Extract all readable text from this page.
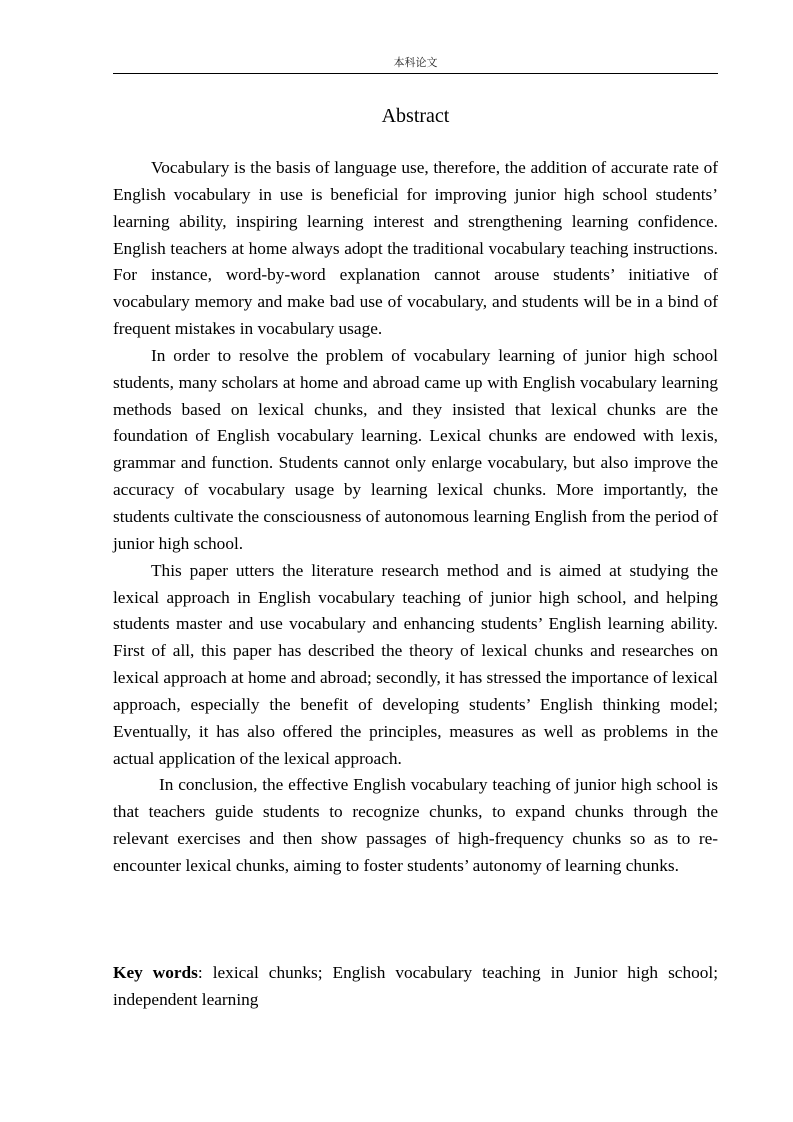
本科论文
Abstract

Vocabulary is the basis of language use, therefore, the addition of accurate rate of English vocabulary in use is beneficial for improving junior high school students’ learning ability, inspiring learning interest and strengthening learning confidence. English teachers at home always adopt the traditional vocabulary teaching instructions. For instance, word-by-word explanation cannot arouse students’ initiative of vocabulary memory and make bad use of vocabulary, and students will be in a bind of frequent mistakes in vocabulary usage.

In order to resolve the problem of vocabulary learning of junior high school students, many scholars at home and abroad came up with English vocabulary learning methods based on lexical chunks, and they insisted that lexical chunks are the foundation of English vocabulary learning. Lexical chunks are endowed with lexis, grammar and function. Students cannot only enlarge vocabulary, but also improve the accuracy of vocabulary usage by learning lexical chunks. More importantly, the students cultivate the consciousness of autonomous learning English from the period of junior high school.

This paper utters the literature research method and is aimed at studying the lexical approach in English vocabulary teaching of junior high school, and helping students master and use vocabulary and enhancing students’ English learning ability. First of all, this paper has described the theory of lexical chunks and researches on lexical approach at home and abroad; secondly, it has stressed the importance of lexical approach, especially the benefit of developing students’ English thinking model; Eventually, it has also offered the principles, measures as well as problems in the actual application of the lexical approach.

In conclusion, the effective English vocabulary teaching of junior high school is that teachers guide students to recognize chunks, to expand chunks through the relevant exercises and then show passages of high-frequency chunks so as to re-encounter lexical chunks, aiming to foster students’ autonomy of learning chunks.

Key words: lexical chunks; English vocabulary teaching in Junior high school; independent learning
